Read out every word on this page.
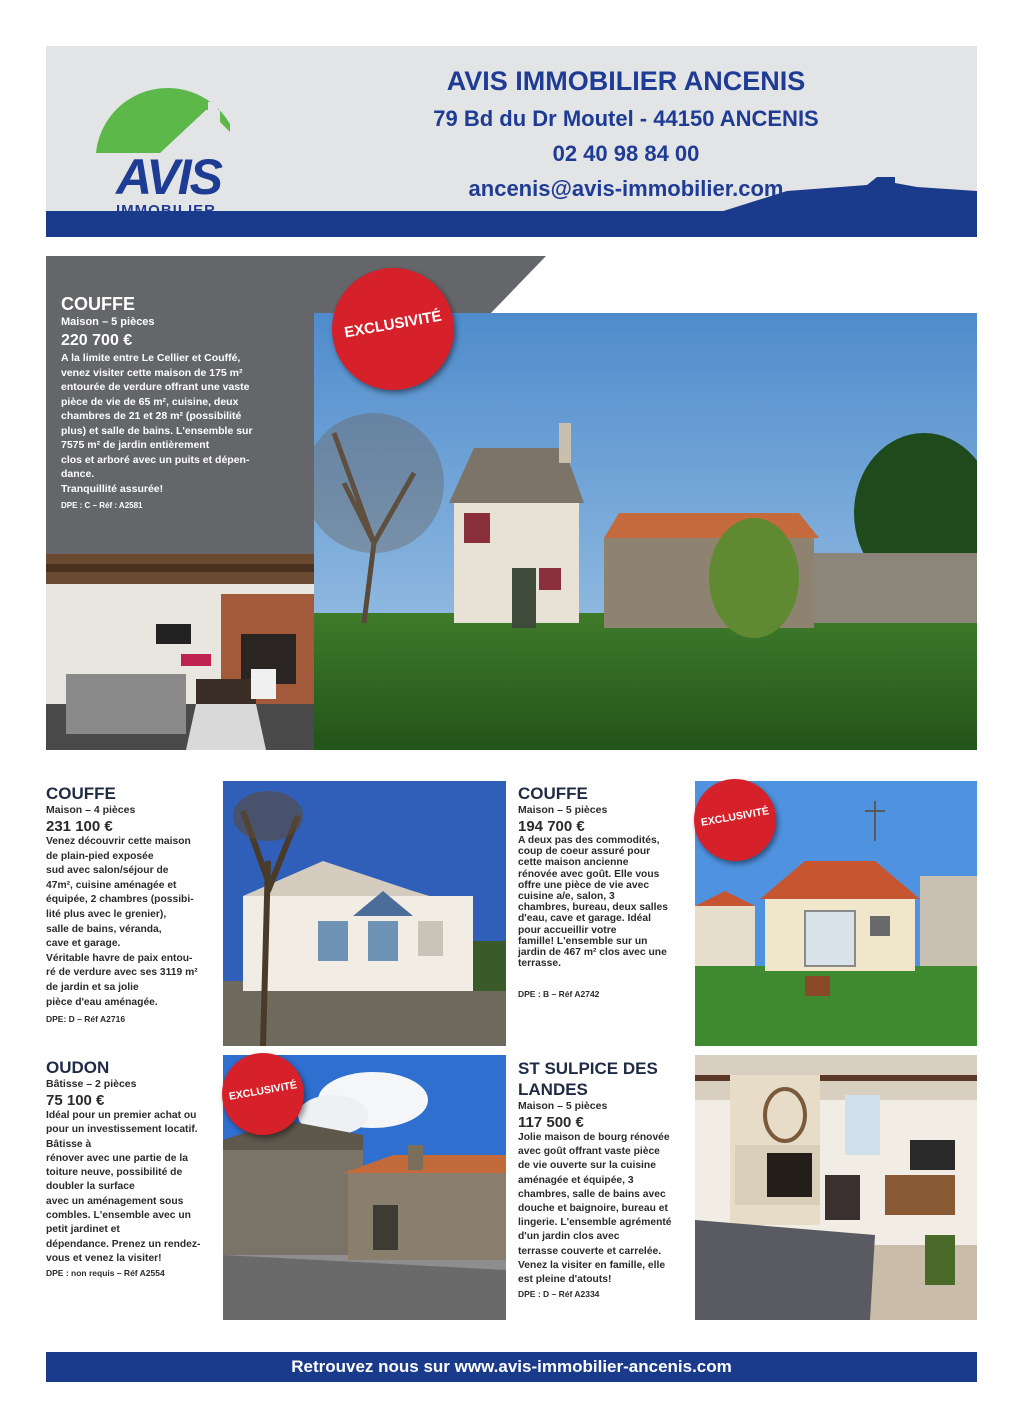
AVIS
AVIS IMMOBILIER ANCENIS
79 Bd du Dr Moutel - 44150 ANCENIS
02 40 98 84 00
ancenis@avis-immobilier.com
COUFFE
Maison – 5 pièces
220 700 €
A la limite entre Le Cellier et Couffé,
venez visiter cette maison de 175 m²
entourée de verdure offrant une vaste
pièce de vie de 65 m², cuisine, deux
chambres de 21 et 28 m² (possibilité
plus) et salle de bains. L'ensemble sur
7575 m² de jardin entièrement
clos et arboré avec un puits et dépen-
dance.
Tranquillité assurée!
DPE : C – Réf : A2581
EXCLUSIVITÉ
COUFFE
Maison – 4 pièces
231 100 €
Venez découvrir cette maison
de plain-pied exposée
sud avec salon/séjour de
47m², cuisine aménagée et
équipée, 2 chambres (possibi-
lité plus avec le grenier),
salle de bains, véranda,
cave et garage.
Véritable havre de paix entou-
ré de verdure avec ses 3119 m²
de jardin et sa jolie
pièce d'eau aménagée.
DPE: D – Réf A2716
COUFFE
Maison – 5 pièces
194 700 €
A deux pas des commodités,
coup de coeur assuré pour
cette maison ancienne
rénovée avec goût. Elle vous
offre une pièce de vie avec
cuisine a/e, salon, 3
chambres, bureau, deux salles
d'eau, cave et garage. Idéal
pour accueillir votre
famille! L'ensemble sur un
jardin de 467 m² clos avec une
terrasse.
DPE : B – Réf A2742
EXCLUSIVITÉ
OUDON
Bâtisse – 2 pièces
75 100 €
Idéal pour un premier achat ou
pour un investissement locatif.
Bâtisse à
rénover avec une partie de la
toiture neuve, possibilité de
doubler la surface
avec un aménagement sous
combles. L'ensemble avec un
petit jardinet et
dépendance. Prenez un rendez-
vous et venez la visiter!
DPE : non requis – Réf A2554
EXCLUSIVITÉ
ST SULPICE DES
LANDES
Maison – 5 pièces
117 500 €
Jolie maison de bourg rénovée
avec goût offrant vaste pièce
de vie ouverte sur la cuisine
aménagée et équipée, 3
chambres, salle de bains avec
douche et baignoire, bureau et
lingerie. L'ensemble agrémenté
d'un jardin clos avec
terrasse couverte et carrelée.
Venez la visiter en famille, elle
est pleine d'atouts!
DPE : D – Réf A2334
Retrouvez nous sur www.avis-immobilier-ancenis.com
